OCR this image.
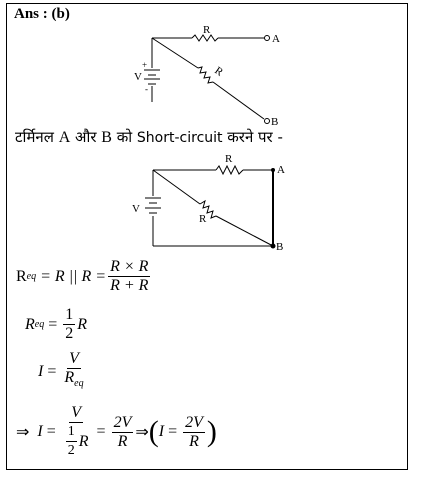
Ans : (b)
R
R
V
+
-
A
B
टर्मिनल A और B को Short-circuit करने पर -
R
R
V
A
B
R eq = R || $R = \frac{R \times R}{R + R}$
R eq = $\frac{1}{2}$ R
$I = \frac{V}{R_{eq}}$
⇒ $I = \frac{V}{\frac{1}{2} R} = \frac{2V}{R}$ ⇒ ( $I = \frac{2V}{R}$ )
